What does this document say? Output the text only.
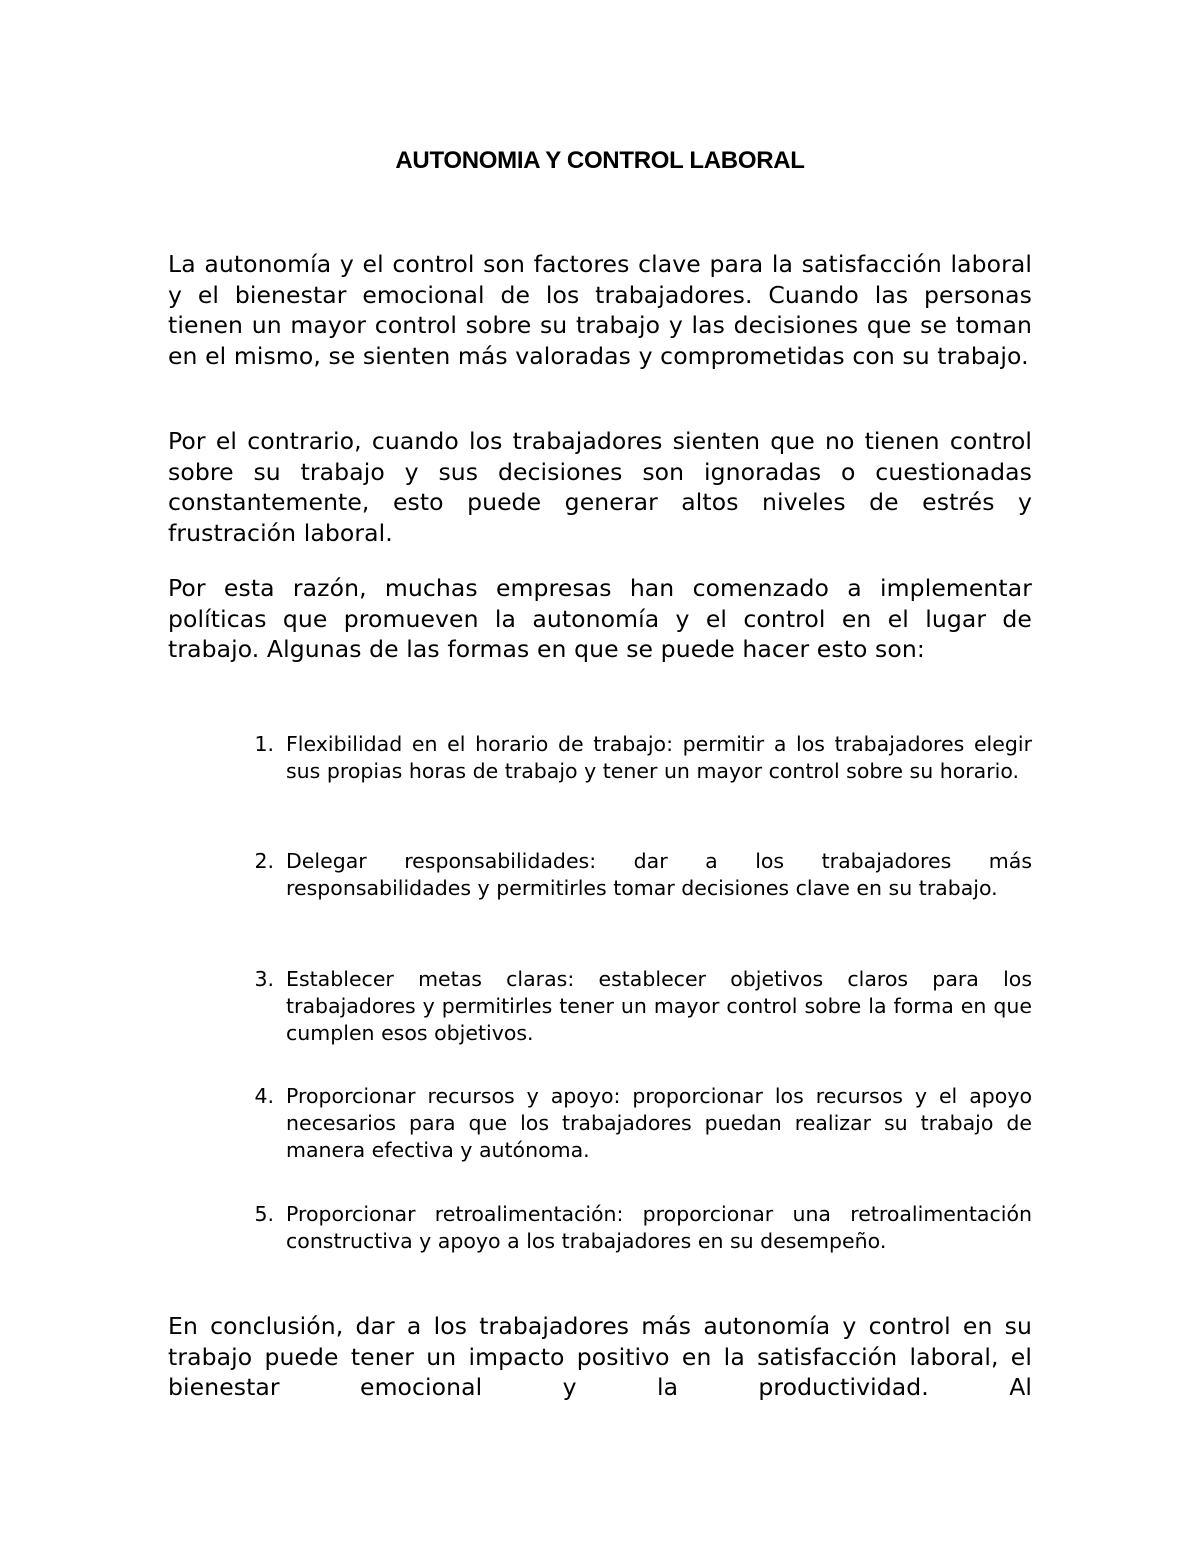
AUTONOMIA Y CONTROL LABORAL

La autonomía y el control son factores clave para la satisfacción laboral y el bienestar emocional de los trabajadores. Cuando las personas tienen un mayor control sobre su trabajo y las decisiones que se toman en el mismo, se sienten más valoradas y comprometidas con su trabajo.

Por el contrario, cuando los trabajadores sienten que no tienen control sobre su trabajo y sus decisiones son ignoradas o cuestionadas constantemente, esto puede generar altos niveles de estrés y frustración laboral.

Por esta razón, muchas empresas han comenzado a implementar políticas que promueven la autonomía y el control en el lugar de trabajo. Algunas de las formas en que se puede hacer esto son:

1. Flexibilidad en el horario de trabajo: permitir a los trabajadores elegir sus propias horas de trabajo y tener un mayor control sobre su horario.

2. Delegar responsabilidades: dar a los trabajadores más responsabilidades y permitirles tomar decisiones clave en su trabajo.

3. Establecer metas claras: establecer objetivos claros para los trabajadores y permitirles tener un mayor control sobre la forma en que cumplen esos objetivos.

4. Proporcionar recursos y apoyo: proporcionar los recursos y el apoyo necesarios para que los trabajadores puedan realizar su trabajo de manera efectiva y autónoma.

5. Proporcionar retroalimentación: proporcionar una retroalimentación constructiva y apoyo a los trabajadores en su desempeño.

En conclusión, dar a los trabajadores más autonomía y control en su trabajo puede tener un impacto positivo en la satisfacción laboral, el bienestar emocional y la productividad. Al
